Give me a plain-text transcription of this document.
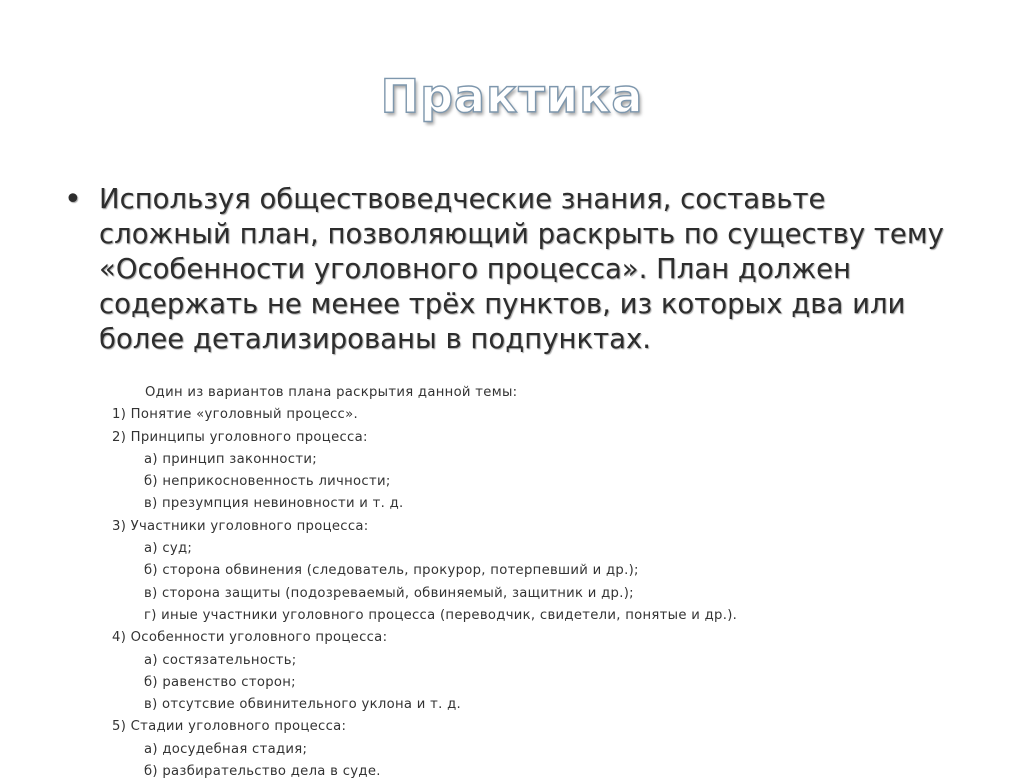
Практика
• Используя обществоведческие знания, составьте сложный план, позволяющий раскрыть по существу тему «Особенности уголовного процесса». План должен содержать не менее трёх пунктов, из которых два или более детализированы в подпунктах.
Один из вариантов плана раскрытия данной темы:
1) Понятие «уголовный процесс».
2) Принципы уголовного процесса:
а) принцип законности;
б) неприкосновенность личности;
в) презумпция невиновности и т. д.
3) Участники уголовного процесса:
а) суд;
б) сторона обвинения (следователь, прокурор, потерпевший и др.);
в) сторона защиты (подозреваемый, обвиняемый, защитник и др.);
г) иные участники уголовного процесса (переводчик, свидетели, понятые и др.).
4) Особенности уголовного процесса:
а) состязательность;
б) равенство сторон;
в) отсутсвие обвинительного уклона и т. д.
5) Стадии уголовного процесса:
а) досудебная стадия;
б) разбирательство дела в суде.
